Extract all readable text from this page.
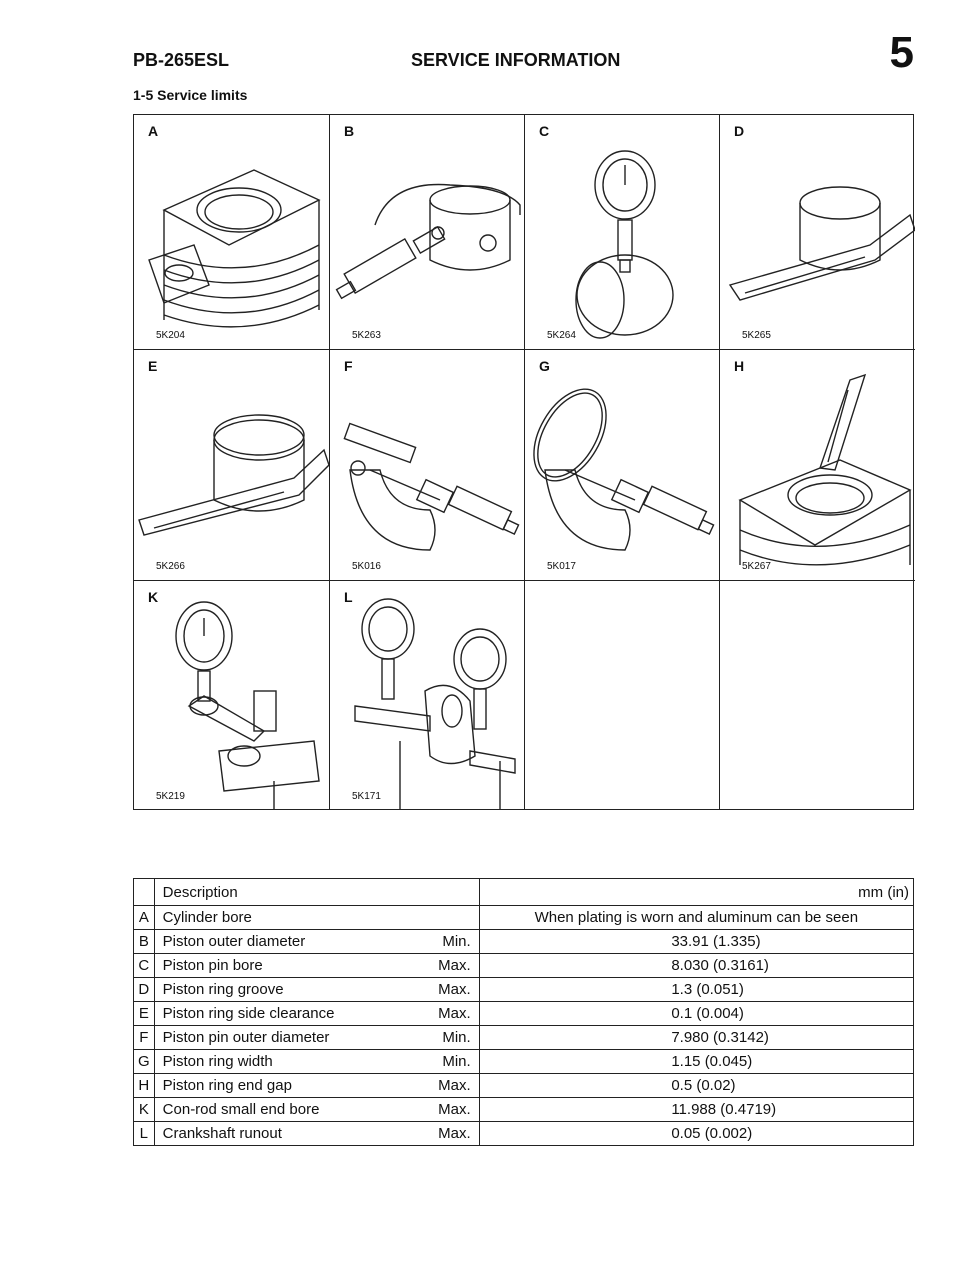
PB-265ESL	SERVICE INFORMATION	5
1-5 Service limits
A
5K204
B
5K263
C
5K264
D
5K265
E
5K266
F
5K016
G
5K017
H
5K267
K
5K219
L
5K171
	Description	mm (in)
A	Cylinder bore	When plating is worn and aluminum can be seen
B	Piston outer diameter Min.	33.91 (1.335)
C	Piston pin bore Max.	8.030 (0.3161)
D	Piston ring groove Max.	1.3 (0.051)
E	Piston ring side clearance Max.	0.1 (0.004)
F	Piston pin outer diameter Min.	7.980 (0.3142)
G	Piston ring width Min.	1.15 (0.045)
H	Piston ring end gap Max.	0.5 (0.02)
K	Con-rod small end bore Max.	11.988 (0.4719)
L	Crankshaft runout Max.	0.05 (0.002)
